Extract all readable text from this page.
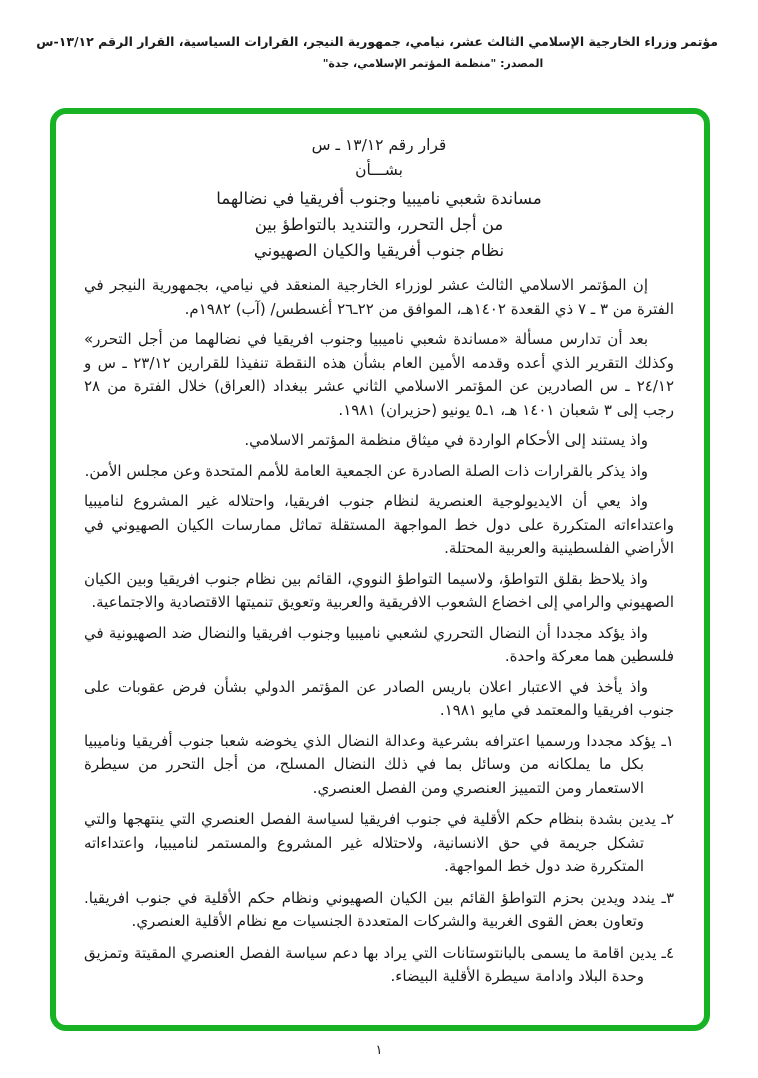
مؤتمر وزراء الخارجية الإسلامي الثالث عشر، نيامي، جمهورية النيجر، القرارات السياسية، القرار الرقم ١٣/١٢-س
المصدر: "منظمة المؤتمر الإسلامي، جدة"
قرار رقم ١٣/١٢ ـ س
بشـــأن
مساندة شعبي ناميبيا وجنوب أفريقيا في نضالهما
من أجل التحرر، والتنديد بالتواطؤ بين
نظام جنوب أفريقيا والكيان الصهيوني

إن المؤتمر الاسلامي الثالث عشر لوزراء الخارجية المنعقد في نيامي، بجمهورية النيجر في الفترة من ٣ ـ ٧ ذي القعدة ١٤٠٢هـ، الموافق من ٢٢ـ٢٦ أغسطس/ (آب) ١٩٨٢م.

بعد أن تدارس مسألة «مساندة شعبي ناميبيا وجنوب افريقيا في نضالهما من أجل التحرر» وكذلك التقرير الذي أعده وقدمه الأمين العام بشأن هذه النقطة تنفيذا للقرارين ٢٣/١٢ ـ س و ٢٤/١٢ ـ س الصادرين عن المؤتمر الاسلامي الثاني عشر ببغداد (العراق) خلال الفترة من ٢٨ رجب إلى ٣ شعبان ١٤٠١ هـ، ١ـ٥ يونيو (حزيران) ١٩٨١.

واذ يستند إلى الأحكام الواردة في ميثاق منظمة المؤتمر الاسلامي.

واذ يذكر بالقرارات ذات الصلة الصادرة عن الجمعية العامة للأمم المتحدة وعن مجلس الأمن.

واذ يعي أن الايديولوجية العنصرية لنظام جنوب افريقيا، واحتلاله غير المشروع لناميبيا واعتداءاته المتكررة على دول خط المواجهة المستقلة تماثل ممارسات الكيان الصهيوني في الأراضي الفلسطينية والعربية المحتلة.

واذ يلاحظ بقلق التواطؤ، ولاسيما التواطؤ النووي، القائم بين نظام جنوب افريقيا وبين الكيان الصهيوني والرامي إلى اخضاع الشعوب الافريقية والعربية وتعويق تنميتها الاقتصادية والاجتماعية.

واذ يؤكد مجددا أن النضال التحرري لشعبي ناميبيا وجنوب افريقيا والنضال ضد الصهيونية في فلسطين هما معركة واحدة.

واذ يأخذ في الاعتبار اعلان باريس الصادر عن المؤتمر الدولي بشأن فرض عقوبات على جنوب افريقيا والمعتمد في مايو ١٩٨١.

١ـ يؤكد مجددا ورسميا اعترافه بشرعية وعدالة النضال الذي يخوضه شعبا جنوب أفريقيا وناميبيا بكل ما يملكانه من وسائل بما في ذلك النضال المسلح، من أجل التحرر من سيطرة الاستعمار ومن التمييز العنصري ومن الفصل العنصري.

٢ـ يدين بشدة بنظام حكم الأقلية في جنوب افريقيا لسياسة الفصل العنصري التي ينتهجها والتي تشكل جريمة في حق الانسانية، ولاحتلاله غير المشروع والمستمر لناميبيا، واعتداءاته المتكررة ضد دول خط المواجهة.

٣ـ يندد ويدين بحزم التواطؤ القائم بين الكيان الصهيوني ونظام حكم الأقلية في جنوب افريقيا. وتعاون بعض القوى الغربية والشركات المتعددة الجنسيات مع نظام الأقلية العنصري.

٤ـ يدين اقامة ما يسمى بالبانتوستانات التي يراد بها دعم سياسة الفصل العنصري المقيتة وتمزيق وحدة البلاد وادامة سيطرة الأقلية البيضاء.

١
